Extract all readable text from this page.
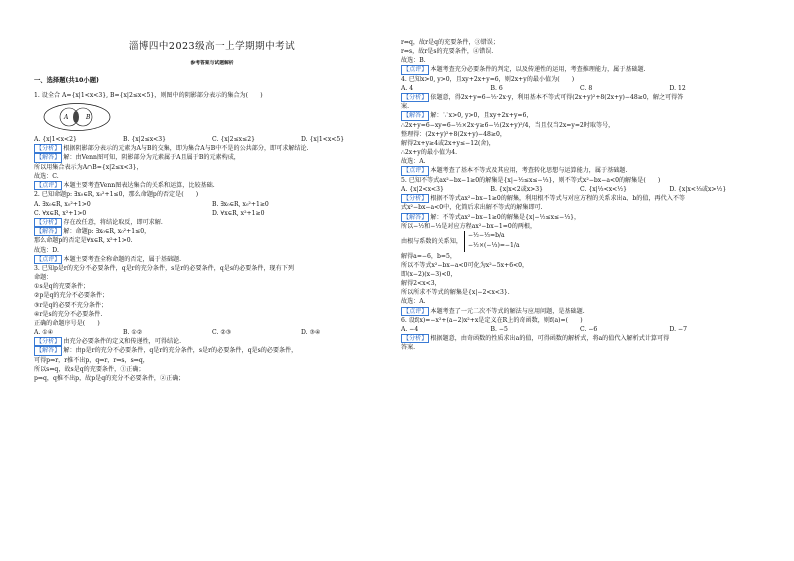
淄博四中2023级高一上学期期中考试
参考答案与试题解析
一、选择题(共10小题)

1. 设全合 A={x|1<x<3}, B={x|2≤x<5}，则图中的阴影部分表示的集合为(　　)

A	B
A. {x|1<x<2}	B. {x|2≤x<3}	C. {x|2≤x≤2}	D. {x|1<x<5}

【分析】 根据阴影部分表示的元素为A与B的交集，即为集合A与B中不是的公共部分，即可求解结论.

【解答】 解：由Venn图可知，阴影部分为元素属于A且属于B的元素构成，

所以用集合表示为A∩B={x|2≤x<3}，

故选：C.

【点评】 本题主要考查Venn图表达集合的关系和运算，比较基础.

2. 已知命题p: ∃x₀∈R, x₀²+1≤0，那么命题p的否定是(　　)

A. ∃x₀∈R, x₀²+1>0	B. ∃x₀∈R, x₀²+1≥0
C. ∀x∈R, x²+1>0	D. ∀x∈R, x²+1≥0

【分析】 存在改任意，将结论取反，即可求解.

【解答】 解：命题p: ∃x₀∈R, x₀²+1≤0，

那么命题p的否定是∀x∈R, x²+1>0.

故选：D.

【点评】 本题主要考查全称命题的否定，属于基础题.

3. 已知p是r的充分不必要条件，q是r的充分条件，s是r的必要条件，q是s的必要条件，现有下列

命题：

①s是q的充要条件；

②p是q的充分不必要条件；

③r是q的必要不充分条件；

④r是s的充分不必要条件.

正确的命题序号是(　　)

A. ①④	B. ①②	C. ②③	D. ③④

【分析】 由充分必要条件的定义和传递性，可得结论.

【解答】 解：由p是r的充分不必要条件，q是r的充分条件，s是r的必要条件，q是s的必要条件，

可得p⇒r，r推不出p，q⇒r，r⇒s，s⇒q，

所以s⇔q，故s是q的充要条件，①正确；

p⇒q，q推不出p，故p是q的充分不必要条件，②正确；

r⇔q，故r是q的充要条件，③错误；

r⇔s，故r是s的充要条件，④错误.

故选：B.

【点评】 本题考查充分必要条件的判定，以及传递性的运用，考查推理能力，属于基础题.

4. 已知x>0, y>0，且xy+2x+y=6，则2x+y的最小值为(　　)

A. 4	B. 6	C. 8	D. 12

【分析】 依题意，得2x+y=6−½·2x·y，利用基本不等式可得(2x+y)²+8(2x+y)−48≥0，解之可得答

案.

【解答】 解：∵x>0, y>0，且xy+2x+y=6，

∴2x+y=6−xy=6−½×2x·y≥6−½(2x+y)²/4，当且仅当2x=y=2时取等号，

整理得：(2x+y)²+8(2x+y)−48≥0，

解得2x+y≥4或2x+y≤−12(舍)，

∴2x+y的最小值为4.

故选：A.

【点评】 本题考查了基本不等式及其应用，考查转化思想与运算能力，属于基础题.

5. 已知不等式ax²−bx−1≥0的解集是{x|−½≤x≤−⅓}，则不等式x²−bx−a<0的解集是(　　)

A. {x|2<x<3}	B. {x|x<2或x>3}	C. {x|⅓<x<½}	D. {x|x<⅓或x>½}

【分析】 根据不等式ax²−bx−1≥0的解集，利用根不等式与对应方程的关系求出a、b的值，再代入不等

式x²−bx−a<0中，化简后求出解不等式的解集即可.

【解答】 解：不等式ax²−bx−1≥0的解集是{x|−½≤x≤−⅓}，

所以−½和−⅓是对应方程ax²−bx−1=0的两根，

由根与系数的关系知，
−½−⅓=b/a
−½×(−⅓)=−1/a

解得a=−6，b=5，

所以不等式x²−bx−a<0可化为x²−5x+6<0，

即(x−2)(x−3)<0，

解得2<x<3，

所以所求不等式的解集是{x|−2<x<3}.

故选：A.

【点评】 本题考查了一元二次不等式的解法与应用问题，是基础题.

6. 设f(x)=−x²+(a−2)x²+x是定义在R上的奇函数，则f(a)=(　　)

A. −4	B. −5	C. −6	D. −7

【分析】 根据题意，由奇函数的性质求出a的值，可得函数的解析式，将a的值代入解析式计算可得

答案.
